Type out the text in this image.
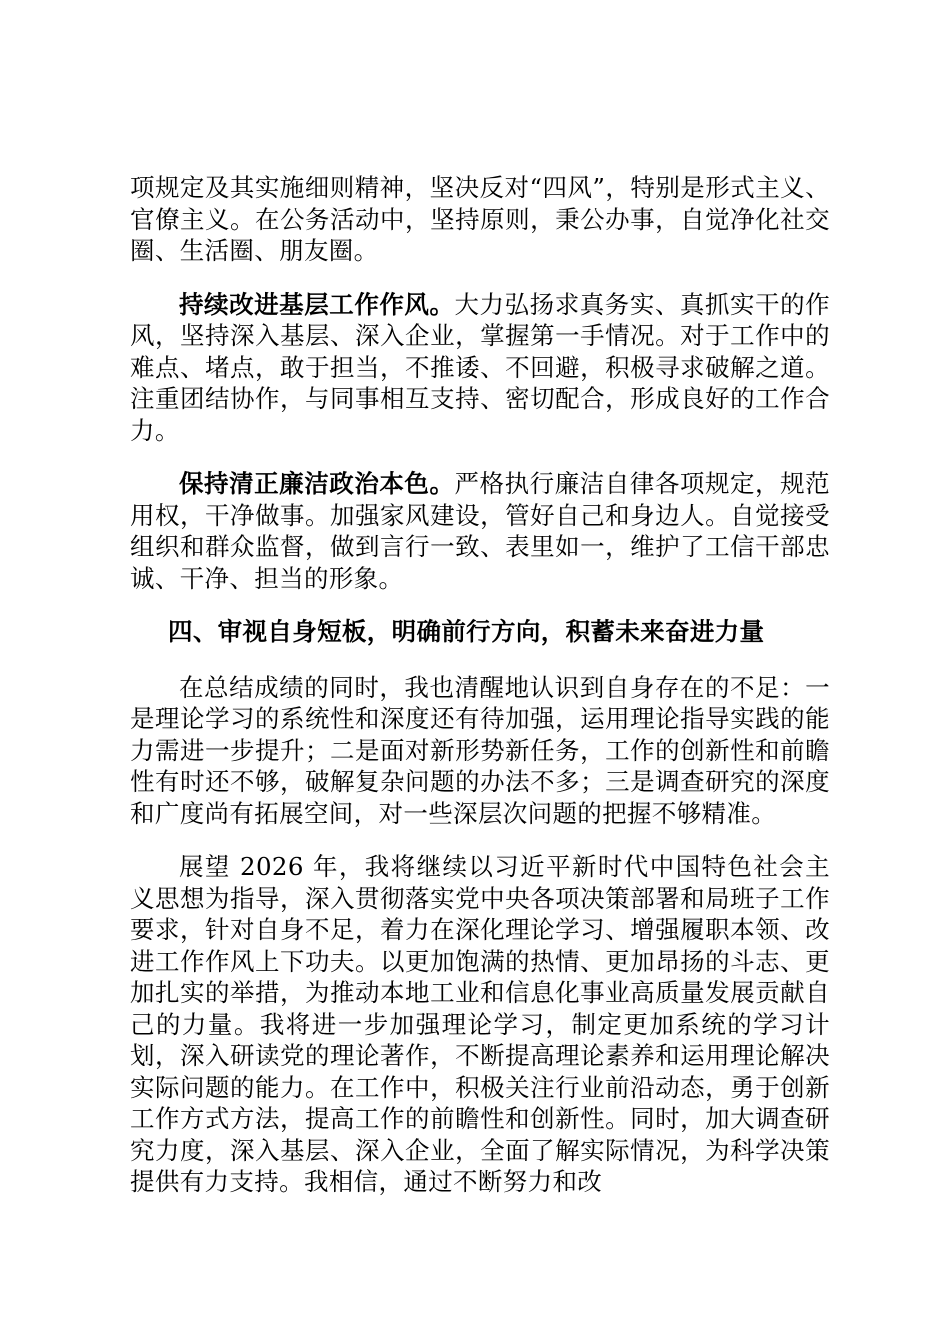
项规定及其实施细则精神，坚决反对“四风”，特别是形式主义、官僚主义。在公务活动中，坚持原则，秉公办事，自觉净化社交圈、生活圈、朋友圈。

持续改进基层工作作风。大力弘扬求真务实、真抓实干的作风，坚持深入基层、深入企业，掌握第一手情况。对于工作中的难点、堵点，敢于担当，不推诿、不回避，积极寻求破解之道。注重团结协作，与同事相互支持、密切配合，形成良好的工作合力。

保持清正廉洁政治本色。严格执行廉洁自律各项规定，规范用权，干净做事。加强家风建设，管好自己和身边人。自觉接受组织和群众监督，做到言行一致、表里如一，维护了工信干部忠诚、干净、担当的形象。

四、审视自身短板，明确前行方向，积蓄未来奋进力量

在总结成绩的同时，我也清醒地认识到自身存在的不足：一是理论学习的系统性和深度还有待加强，运用理论指导实践的能力需进一步提升；二是面对新形势新任务，工作的创新性和前瞻性有时还不够，破解复杂问题的办法不多；三是调查研究的深度和广度尚有拓展空间，对一些深层次问题的把握不够精准。

展望 2026 年，我将继续以习近平新时代中国特色社会主义思想为指导，深入贯彻落实党中央各项决策部署和局班子工作要求，针对自身不足，着力在深化理论学习、增强履职本领、改进工作作风上下功夫。以更加饱满的热情、更加昂扬的斗志、更加扎实的举措，为推动本地工业和信息化事业高质量发展贡献自己的力量。我将进一步加强理论学习，制定更加系统的学习计划，深入研读党的理论著作，不断提高理论素养和运用理论解决实际问题的能力。在工作中，积极关注行业前沿动态，勇于创新工作方式方法，提高工作的前瞻性和创新性。同时，加大调查研究力度，深入基层、深入企业，全面了解实际情况，为科学决策提供有力支持。我相信，通过不断努力和改
